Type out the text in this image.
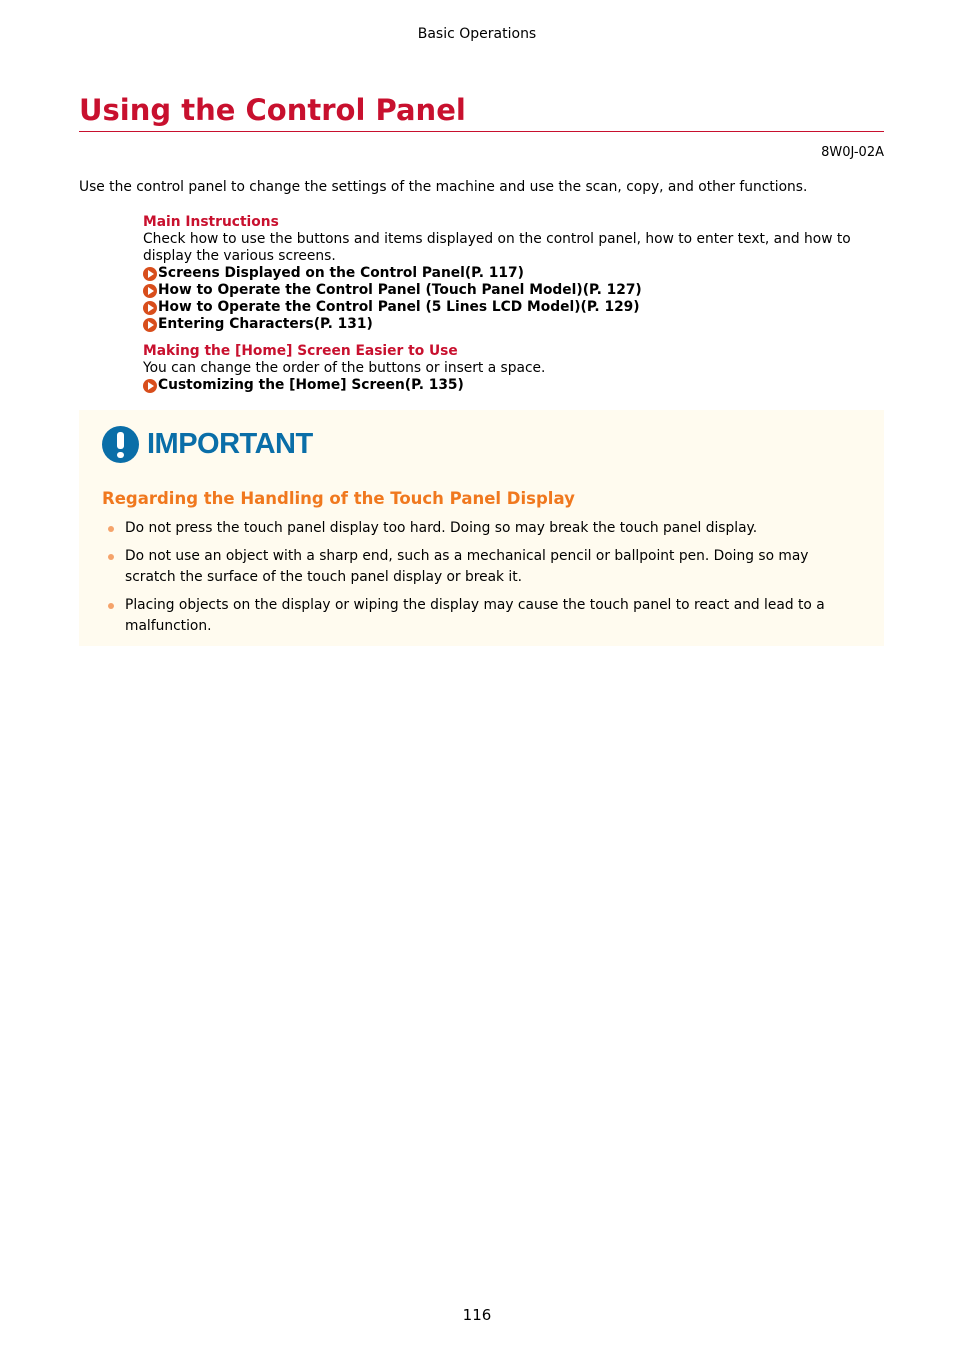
Basic Operations
Using the Control Panel
8W0J-02A
Use the control panel to change the settings of the machine and use the scan, copy, and other functions.
Main Instructions
Check how to use the buttons and items displayed on the control panel, how to enter text, and how to display the various screens.
Screens Displayed on the Control Panel(P. 117)
How to Operate the Control Panel (Touch Panel Model)(P. 127)
How to Operate the Control Panel (5 Lines LCD Model)(P. 129)
Entering Characters(P. 131)
Making the [Home] Screen Easier to Use
You can change the order of the buttons or insert a space.
Customizing the [Home] Screen(P. 135)
IMPORTANT
Regarding the Handling of the Touch Panel Display
Do not press the touch panel display too hard. Doing so may break the touch panel display.
Do not use an object with a sharp end, such as a mechanical pencil or ballpoint pen. Doing so may scratch the surface of the touch panel display or break it.
Placing objects on the display or wiping the display may cause the touch panel to react and lead to a malfunction.
116
